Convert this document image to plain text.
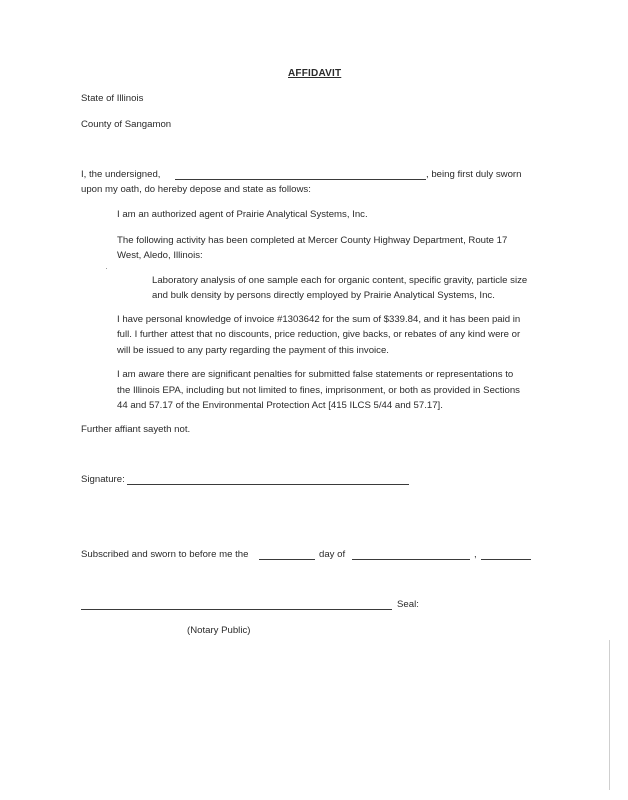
AFFIDAVIT
State of Illinois
County of Sangamon
I, the undersigned,	, being first duly sworn
upon my oath, do hereby depose and state as follows:
I am an authorized agent of Prairie Analytical Systems, Inc.
The following activity has been completed at Mercer County Highway Department, Route 17
West, Aledo, Illinois:
Laboratory analysis of one sample each for organic content, specific gravity, particle size
and bulk density by persons directly employed by Prairie Analytical Systems, Inc.
I have personal knowledge of invoice #1303642 for the sum of $339.84, and it has been paid in
full. I further attest that no discounts, price reduction, give backs, or rebates of any kind were or
will be issued to any party regarding the payment of this invoice.
I am aware there are significant penalties for submitted false statements or representations to
the Illinois EPA, including but not limited to fines, imprisonment, or both as provided in Sections
44 and 57.17 of the Environmental Protection Act [415 ILCS 5/44 and 57.17].
Further affiant sayeth not.
Signature:
Subscribed and sworn to before me the	day of	,
Seal:
(Notary Public)
